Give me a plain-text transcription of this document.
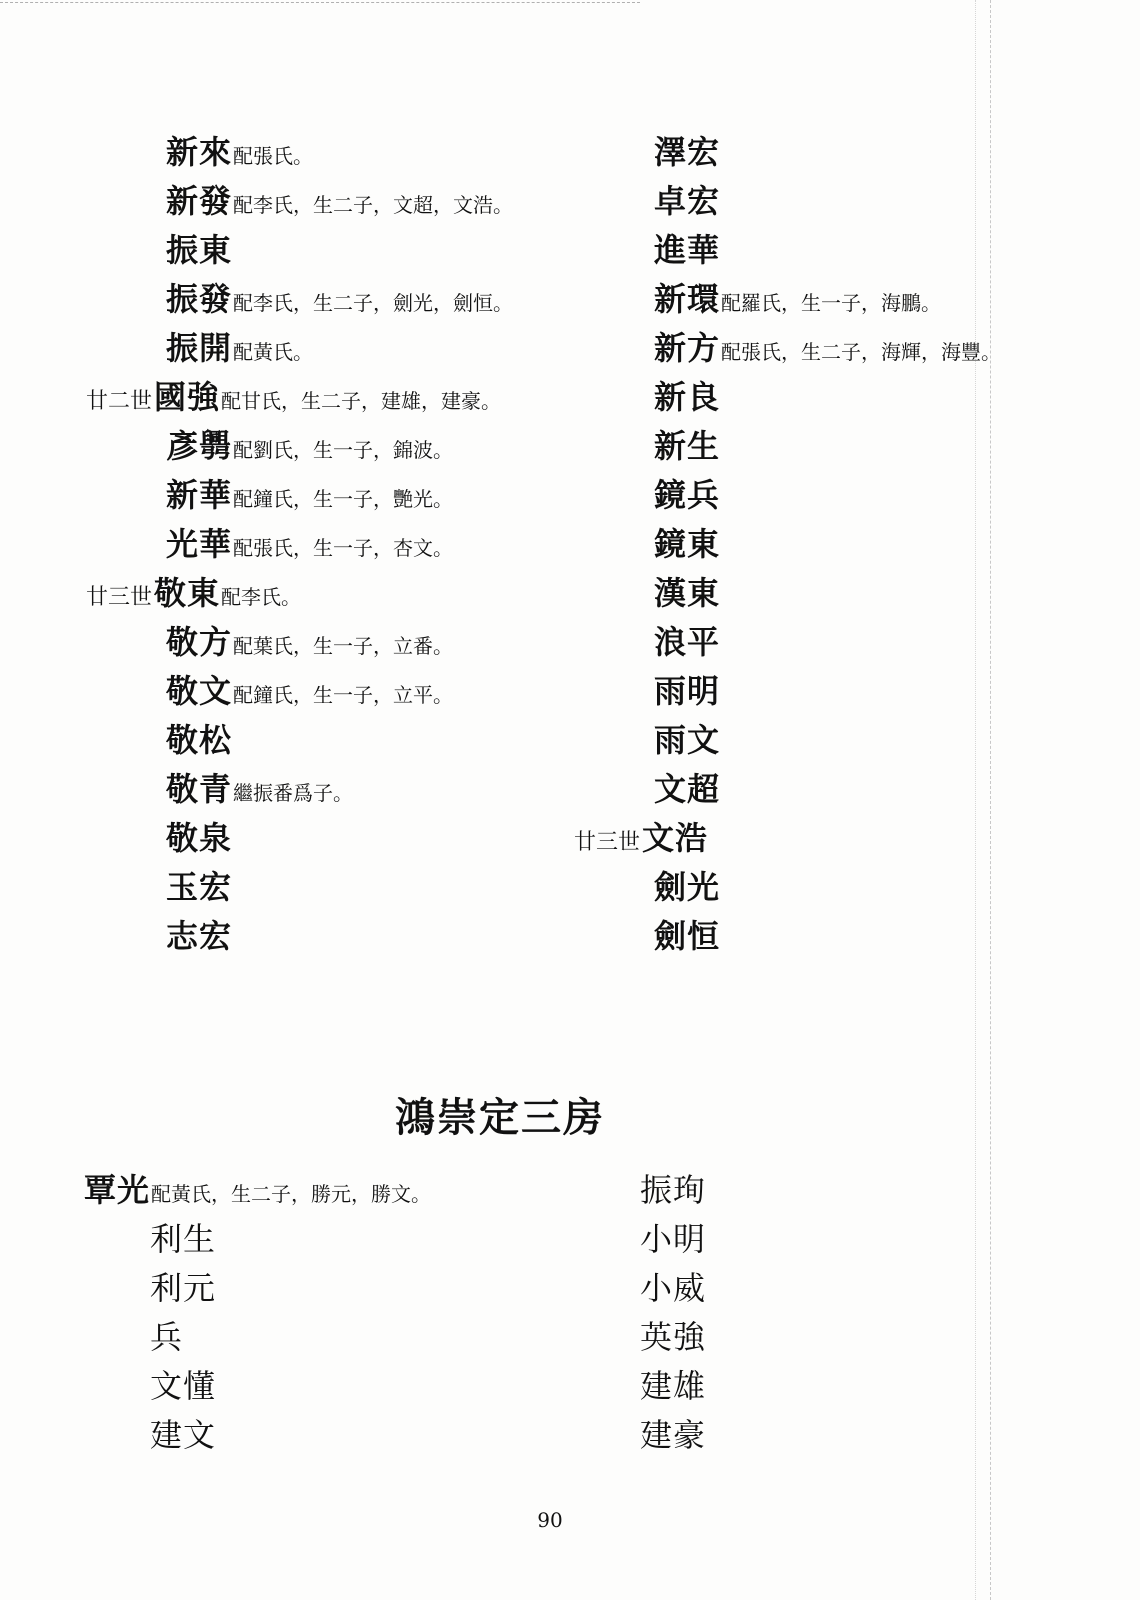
新來配張氏。
新發配李氏，生二子，文超，文浩。
振東
振發配李氏，生二子，劍光，劍恒。
振開配黃氏。
廿二世國強配甘氏，生二子，建雄，建豪。
彥𢑅配劉氏，生一子，錦波。
新華配鐘氏，生一子，艷光。
光華配張氏，生一子，杏文。
廿三世敬東配李氏。
敬方配葉氏，生一子，立番。
敬文配鐘氏，生一子，立平。
敬松
敬青繼振番爲子。
敬泉
玉宏
志宏
澤宏
卓宏
進華
新環配羅氏，生一子，海鵬。
新方配張氏，生二子，海輝，海豐。
新良
新生
鏡兵
鏡東
漢東
浪平
雨明
雨文
文超
廿三世文浩
劍光
劍恒
鴻崇定三房
覃光配黃氏，生二子，勝元，勝文。
利生
利元
兵
文懂
建文
振珣
小明
小威
英強
建雄
建豪
90
